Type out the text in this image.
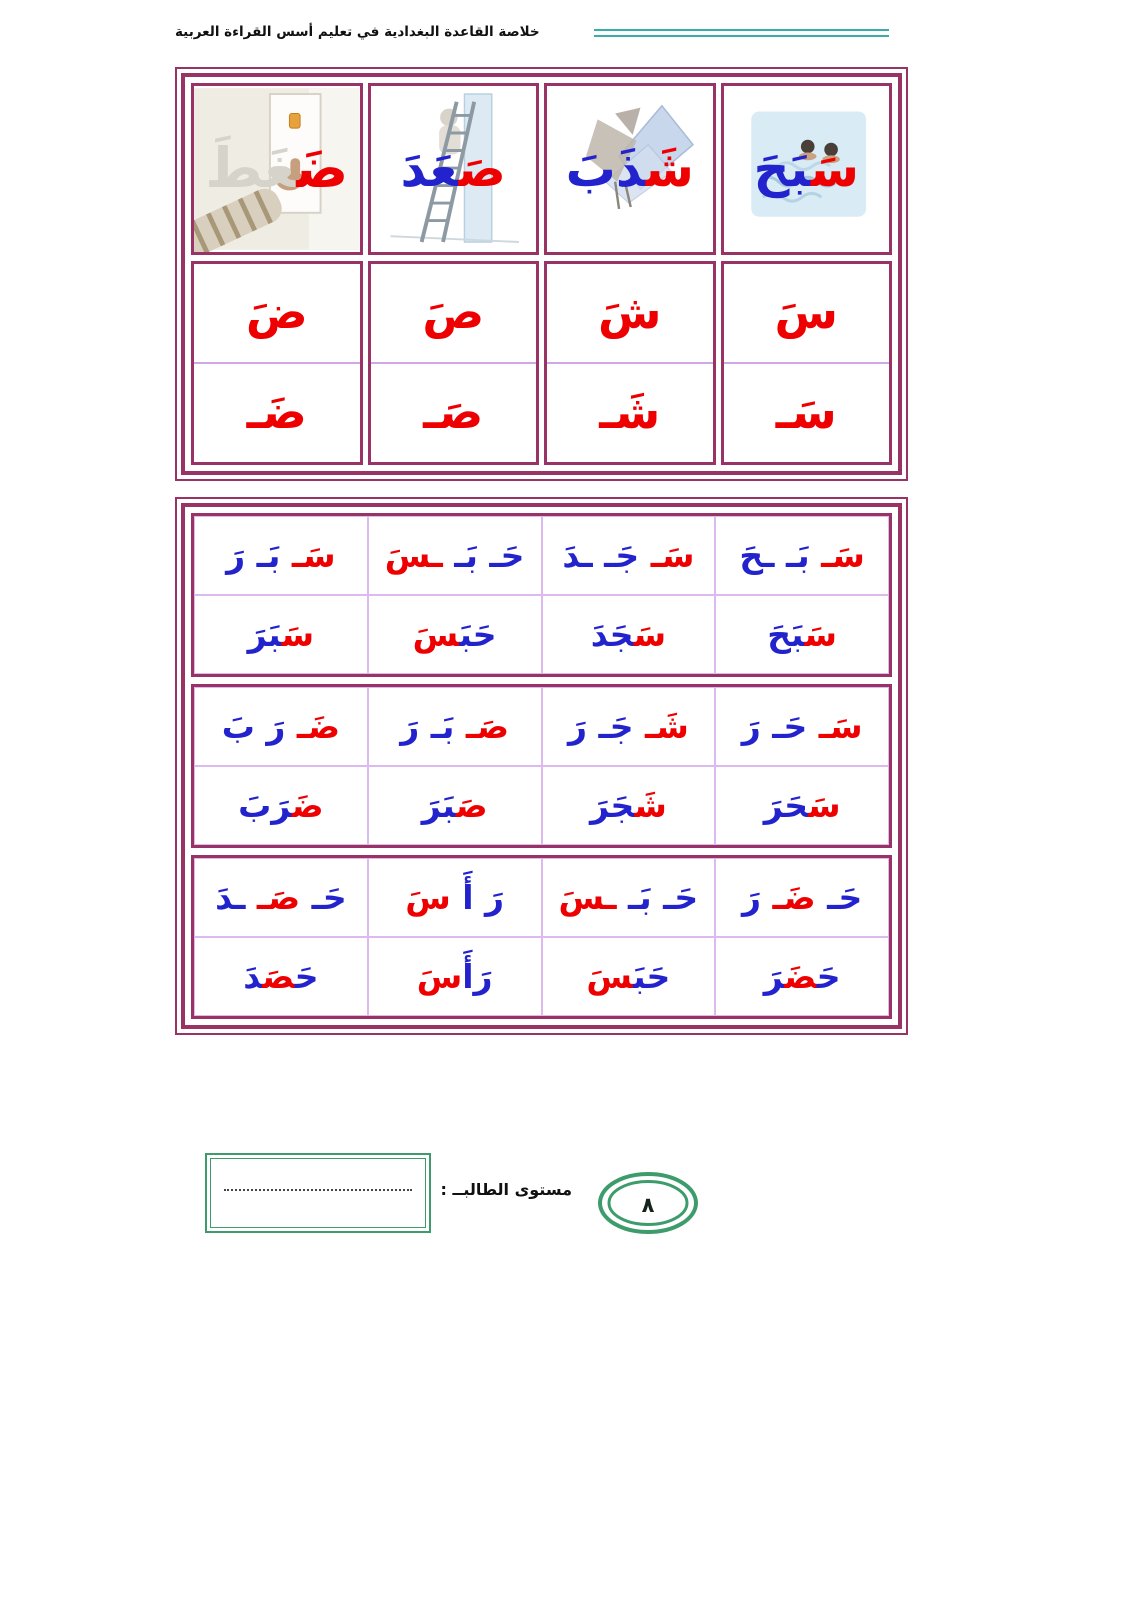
خلاصة القاعدة البغدادية في تعليم أسس القراءة العربية
سَ‍
‍بَحَ
شَ‍
‍ذَبَ
صَ‍
‍عَدَ
ضَ‍
‍غَطَ
سَ
سَـ
شَ
شَـ
صَ
صَـ
ضَ
ضَـ
سَـ بَـ ـحَ
سَـ جَـ ـدَ
حَـ بَـ ـسَ
سَـ بَـ رَ
سَ‍‍بَحَ
سَ‍‍جَدَ
حَبَ‍‍سَ
سَ‍‍بَرَ
سَـ حَـ رَ
شَـ جَـ رَ
صَـ بَـ رَ
ضَـ رَ بَ
سَ‍‍حَرَ
شَ‍‍جَرَ
صَ‍‍بَرَ
ضَ‍‍رَبَ
حَـ ضَـ رَ
حَـ بَـ ـسَ
رَ أَ سَ
حَـ صَـ ـدَ
حَ‍‍ضَ‍‍رَ
حَبَ‍‍سَ
رَأَسَ
حَ‍‍صَ‍‍دَ
مستوى الطالبــ :
٨
